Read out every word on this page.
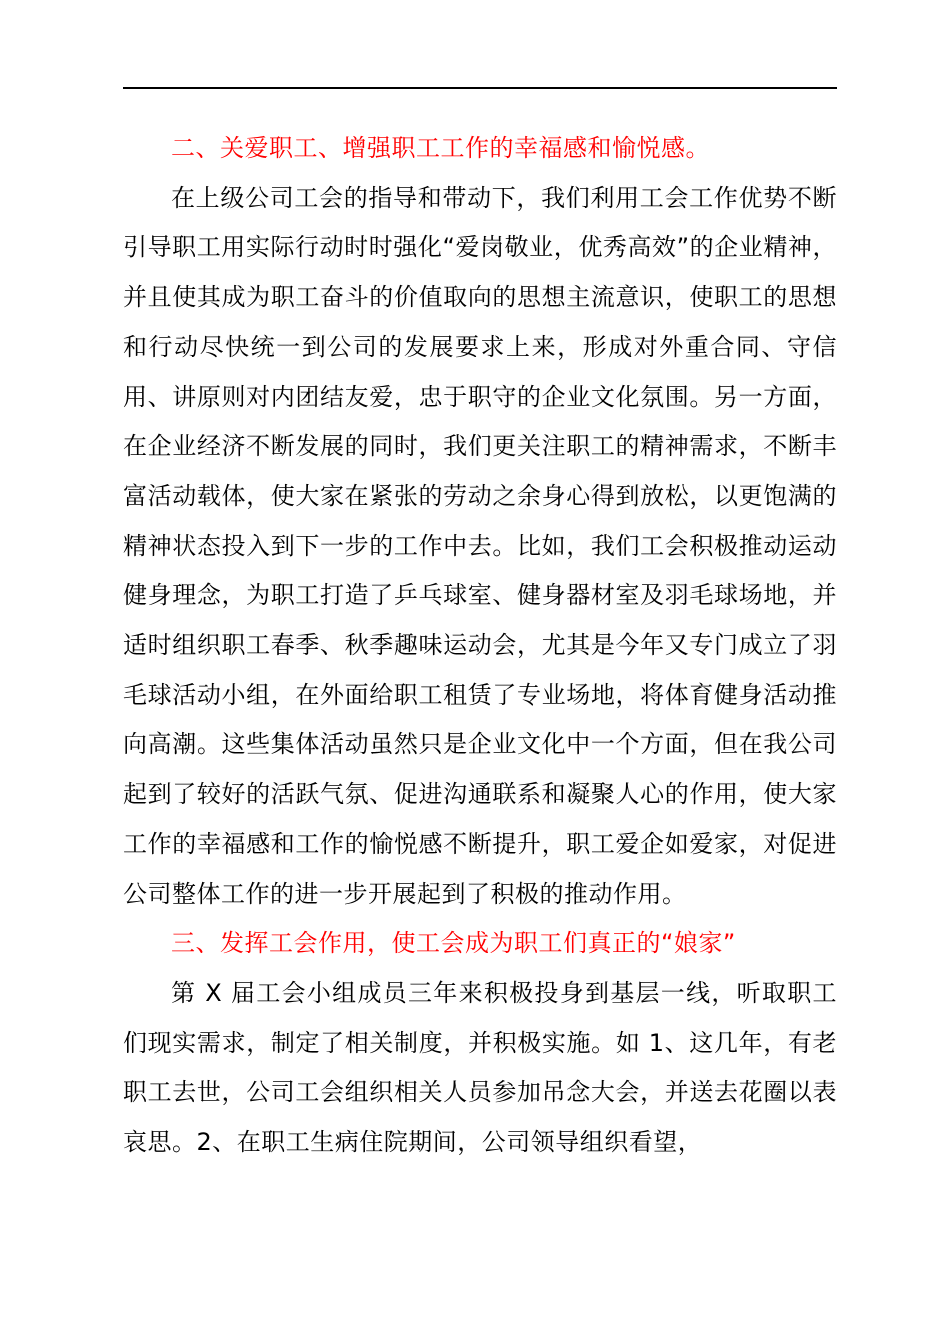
二、关爱职工、增强职工工作的幸福感和愉悦感。

在上级公司工会的指导和带动下，我们利用工会工作优势不断引导职工用实际行动时时强化“爱岗敬业，优秀高效”的企业精神，并且使其成为职工奋斗的价值取向的思想主流意识，使职工的思想和行动尽快统一到公司的发展要求上来，形成对外重合同、守信用、讲原则对内团结友爱，忠于职守的企业文化氛围。另一方面，在企业经济不断发展的同时，我们更关注职工的精神需求，不断丰富活动载体，使大家在紧张的劳动之余身心得到放松，以更饱满的精神状态投入到下一步的工作中去。比如，我们工会积极推动运动健身理念，为职工打造了乒乓球室、健身器材室及羽毛球场地，并适时组织职工春季、秋季趣味运动会，尤其是今年又专门成立了羽毛球活动小组，在外面给职工租赁了专业场地，将体育健身活动推向高潮。这些集体活动虽然只是企业文化中一个方面，但在我公司起到了较好的活跃气氛、促进沟通联系和凝聚人心的作用，使大家工作的幸福感和工作的愉悦感不断提升，职工爱企如爱家，对促进公司整体工作的进一步开展起到了积极的推动作用。

三、发挥工会作用，使工会成为职工们真正的“娘家”

第 X 届工会小组成员三年来积极投身到基层一线，听取职工们现实需求，制定了相关制度，并积极实施。如 1、这几年，有老职工去世，公司工会组织相关人员参加吊念大会，并送去花圈以表哀思。2、在职工生病住院期间，公司领导组织看望，
